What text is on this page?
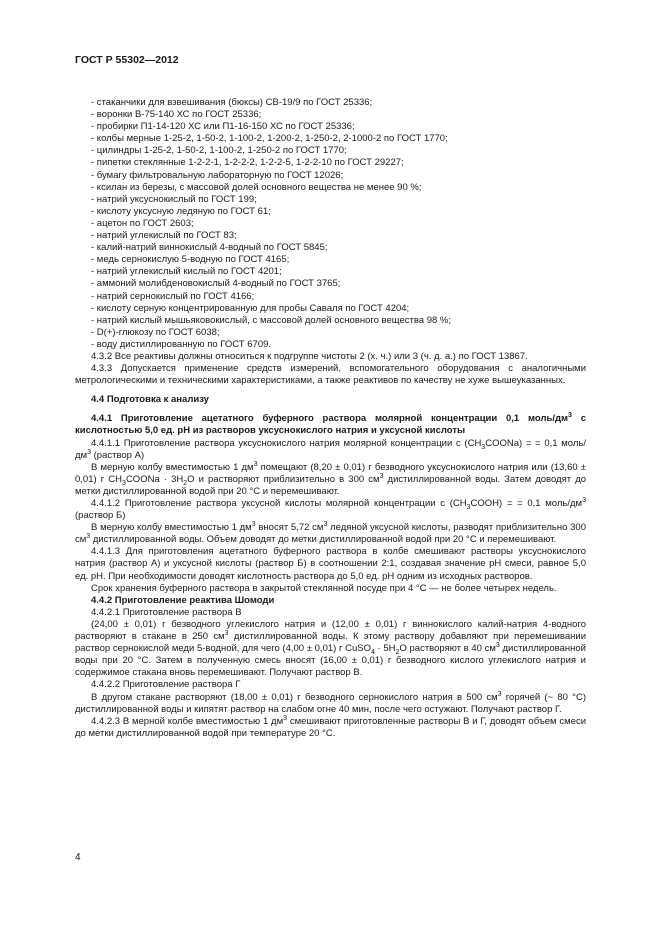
ГОСТ Р 55302—2012
- стаканчики для взвешивания (бюксы) СВ-19/9 по ГОСТ 25336;
- воронки В-75-140 ХС по ГОСТ 25336;
- пробирки П1-14-120 ХС или П1-16-150 ХС по ГОСТ 25336;
- колбы мерные 1-25-2, 1-50-2, 1-100-2, 1-200-2, 1-250-2, 2-1000-2 по ГОСТ 1770;
- цилиндры 1-25-2, 1-50-2, 1-100-2, 1-250-2 по ГОСТ 1770;
- пипетки стеклянные 1-2-2-1, 1-2-2-2, 1-2-2-5, 1-2-2-10 по ГОСТ 29227;
- бумагу фильтровальную лабораторную по ГОСТ 12026;
- ксилан из березы, с массовой долей основного вещества не менее 90 %;
- натрий уксуснокислый по ГОСТ 199;
- кислоту уксусную ледяную по ГОСТ 61;
- ацетон по ГОСТ 2603;
- натрий углекислый по ГОСТ 83;
- калий-натрий виннокислый 4-водный по ГОСТ 5845;
- медь сернокислую 5-водную по ГОСТ 4165;
- натрий углекислый кислый по ГОСТ 4201;
- аммоний молибденовокислый 4-водный по ГОСТ 3765;
- натрий сернокислый по ГОСТ 4166;
- кислоту серную концентрированную для пробы Саваля по ГОСТ 4204;
- натрий кислый мышьяковокислый, с массовой долей основного вещества 98 %;
- D(+)-глюкозу по ГОСТ 6038;
- воду дистиллированную по ГОСТ 6709.
4.3.2 Все реактивы должны относиться к подгруппе чистоты 2 (х. ч.) или 3 (ч. д. а.) по ГОСТ 13867.
4.3.3 Допускается применение средств измерений, вспомогательного оборудования с аналогичными метрологическими и техническими характеристиками, а также реактивов по качеству не хуже вышеуказанных.
4.4 Подготовка к анализу
4.4.1 Приготовление ацетатного буферного раствора молярной концентрации 0,1 моль/$дм^3$ с кислотностью 5,0 ед. pH из растворов уксуснокислого натрия и уксусной кислоты
4.4.1.1 Приготовление раствора уксуснокислого натрия молярной концентрации c $(CH_3COONa)$ = = 0,1 моль/$дм^3$ (раствор А)
В мерную колбу вместимостью 1 $дм^3$ помещают (8,20 ± 0,01) г безводного уксуснокислого натрия или (13,60 ± 0,01) г $CH_3COONa \cdot 3H_2O$ и растворяют приблизительно в 300 $см^3$ дистиллированной воды. Затем доводят до метки дистиллированной водой при 20 °С и перемешивают.
4.4.1.2 Приготовление раствора уксусной кислоты молярной концентрации c $(CH_3COOH)$ = = 0,1 моль/$дм^3$ (раствор Б)
В мерную колбу вместимостью 1 $дм^3$ вносят 5,72 $см^3$ ледяной уксусной кислоты, разводят приблизительно 300 $см^3$ дистиллированной воды. Объем доводят до метки дистиллированной водой при 20 °С и перемешивают.
4.4.1.3 Для приготовления ацетатного буферного раствора в колбе смешивают растворы уксуснокислого натрия (раствор А) и уксусной кислоты (раствор Б) в соотношении 2:1, создавая значение pH смеси, равное 5,0 ед. pH. При необходимости доводят кислотность раствора до 5,0 ед. pH одним из исходных растворов.
Срок хранения буферного раствора в закрытой стеклянной посуде при 4 °С — не более четырех недель.
4.4.2 Приготовление реактива Шомоди
4.4.2.1 Приготовление раствора В
(24,00 ± 0,01) г безводного углекислого натрия и (12,00 ± 0,01) г виннокислого калий-натрия 4-водного растворяют в стакане в 250 $см^3$ дистиллированной воды. К этому раствору добавляют при перемешивании раствор сернокислой меди 5-водной, для чего (4,00 ± 0,01) г CuSO$_4$ · $5H_2O$ растворяют в 40 $см^3$ дистиллированной воды при 20 °С. Затем в полученную смесь вносят (16,00 ± 0,01) г безводного кислого углекислого натрия и содержимое стакана вновь перемешивают. Получают раствор В.
4.4.2.2 Приготовление раствора Г
В другом стакане растворяют (18,00 ± 0,01) г безводного сернокислого натрия в 500 $см^3$ горячей (~ 80 °С) дистиллированной воды и кипятят раствор на слабом огне 40 мин, после чего остужают. Получают раствор Г.
4.4.2.3 В мерной колбе вместимостью 1 $дм^3$ смешивают приготовленные растворы В и Г, доводят объем смеси до метки дистиллированной водой при температуре 20 °С.
4
